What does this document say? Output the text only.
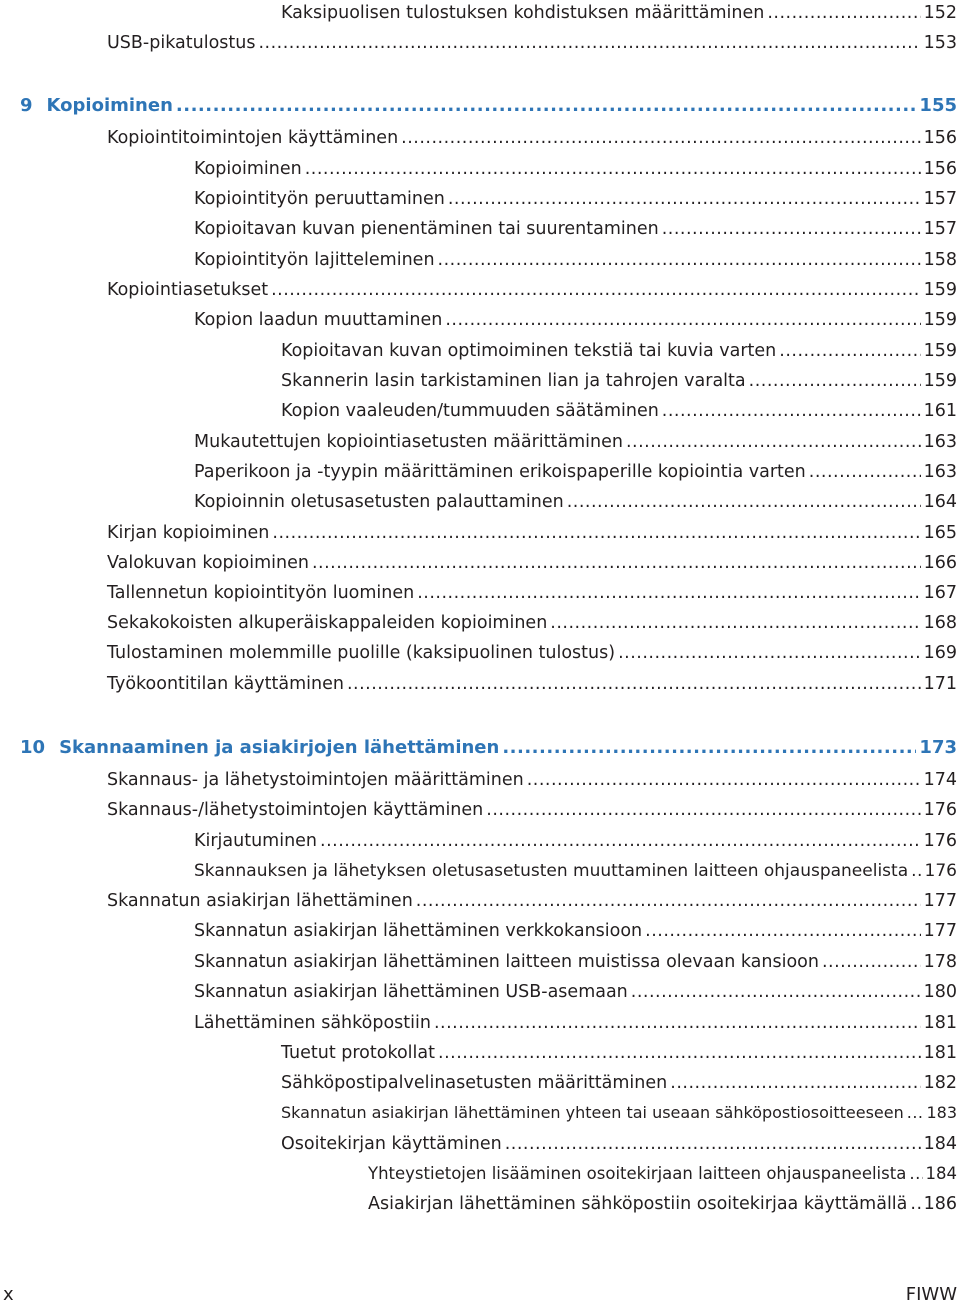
Kaksipuolisen tulostuksen kohdistuksen määrittäminen .....	152
USB-pikatulostus .....	153
9 Kopioiminen .....	155
Kopiointitoimintojen käyttäminen .....	156
Kopioiminen .....	156
Kopiointityön peruuttaminen .....	157
Kopioitavan kuvan pienentäminen tai suurentaminen .....	157
Kopiointityön lajitteleminen .....	158
Kopiointiasetukset .....	159
Kopion laadun muuttaminen .....	159
Kopioitavan kuvan optimoiminen tekstiä tai kuvia varten .....	159
Skannerin lasin tarkistaminen lian ja tahrojen varalta .....	159
Kopion vaaleuden/tummuuden säätäminen .....	161
Mukautettujen kopiointiasetusten määrittäminen .....	163
Paperikoon ja -tyypin määrittäminen erikoispaperille kopiointia varten .....	163
Kopioinnin oletusasetusten palauttaminen .....	164
Kirjan kopioiminen .....	165
Valokuvan kopioiminen .....	166
Tallennetun kopiointityön luominen .....	167
Sekakokoisten alkuperäiskappaleiden kopioiminen .....	168
Tulostaminen molemmille puolille (kaksipuolinen tulostus) .....	169
Työkoontitilan käyttäminen .....	171
10 Skannaaminen ja asiakirjojen lähettäminen .....	173
Skannaus- ja lähetystoimintojen määrittäminen .....	174
Skannaus-/lähetystoimintojen käyttäminen .....	176
Kirjautuminen .....	176
Skannauksen ja lähetyksen oletusasetusten muuttaminen laitteen ohjauspaneelista ..... 176
Skannatun asiakirjan lähettäminen .....	177
Skannatun asiakirjan lähettäminen verkkokansioon .....	177
Skannatun asiakirjan lähettäminen laitteen muistissa olevaan kansioon .....	178
Skannatun asiakirjan lähettäminen USB-asemaan .....	180
Lähettäminen sähköpostiin .....	181
Tuetut protokollat .....	181
Sähköpostipalvelinasetusten määrittäminen .....	182
Skannatun asiakirjan lähettäminen yhteen tai useaan sähköpostiosoitteeseen ..... 183
Osoitekirjan käyttäminen .....	184
Yhteystietojen lisääminen osoitekirjaan laitteen ohjauspaneelista ..... 184
Asiakirjan lähettäminen sähköpostiin osoitekirjaa käyttämällä ..... 186
x	FIWW
